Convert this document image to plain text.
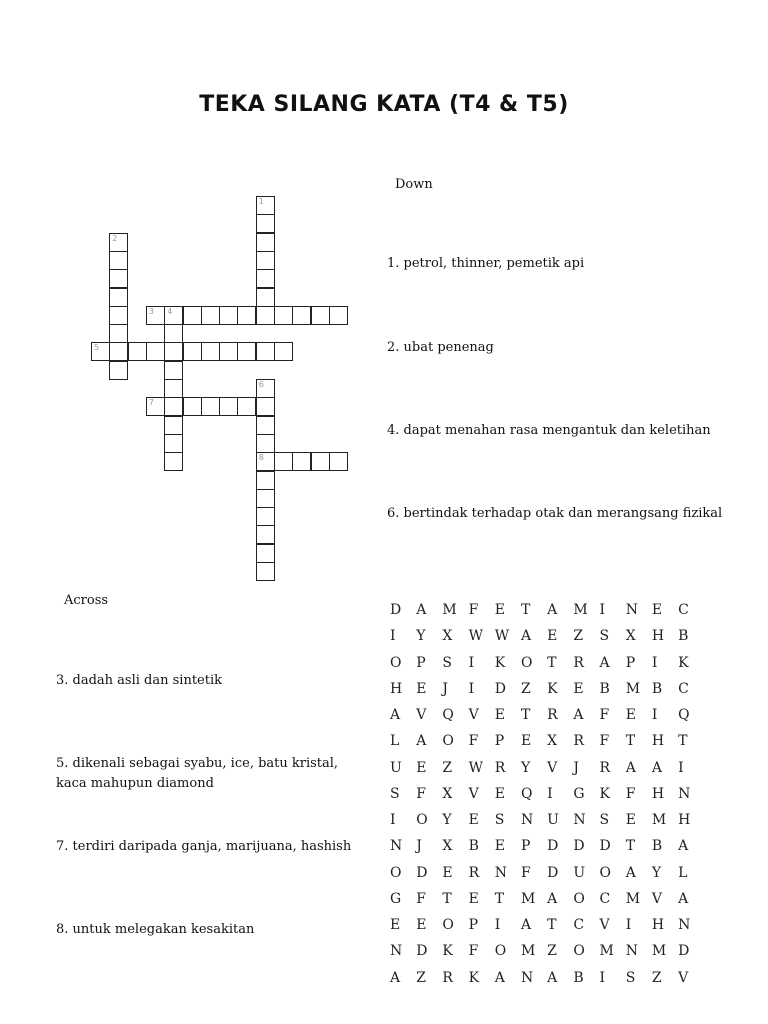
TEKA SILANG KATA (T4 & T5)
1
2
3 4
5
6
8
7
Down
1. petrol, thinner, pemetik api
2. ubat penenag
4. dapat menahan rasa mengantuk dan keletihan
6. bertindak terhadap otak dan merangsang fizikal
Across
3. dadah asli dan sintetik
5. dikenali sebagai syabu, ice, batu kristal, kaca mahupun diamond
7. terdiri daripada ganja, marijuana, hashish
8. untuk melegakan kesakitan
D A M F E T A M I N E C
I Y X W W A E Z S X H B
O P S I K O T R A P I K
H E J I D Z K E B M B C
A V Q V E T R A F E I Q
L A O F P E X R F T H T
U E Z W R Y V J R A A I
S F X V E Q I G K F H N
I O Y E S N U N S E M H
N J X B E P D D D T B A
O D E R N F D U O A Y L
G F T E T M A O C M V A
E E O P I A T C V I H N
N D K F O M Z O M N M D
A Z R K A N A B I S Z V
